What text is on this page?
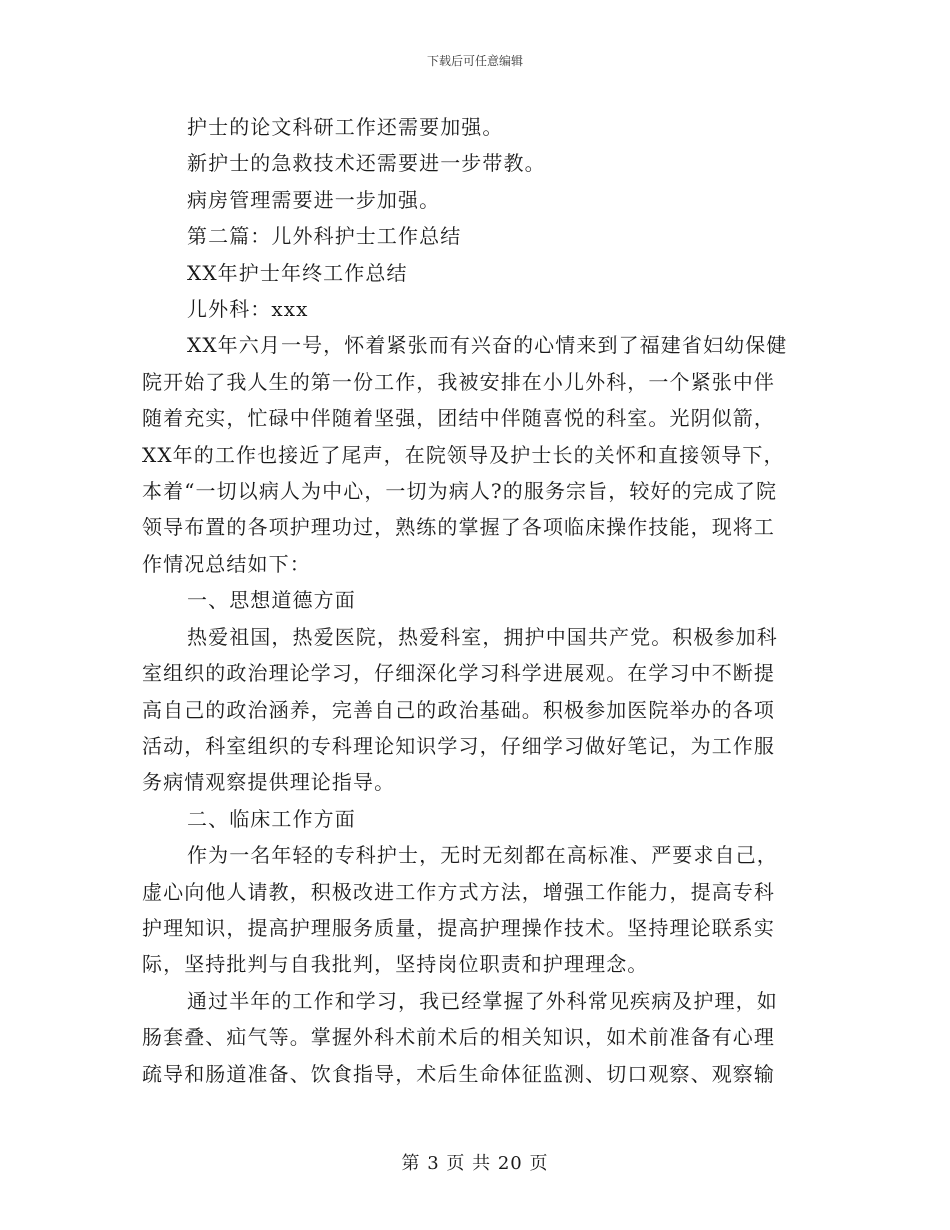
下载后可任意编辑
护士的论文科研工作还需要加强。
新护士的急救技术还需要进一步带教。
病房管理需要进一步加强。
第二篇：儿外科护士工作总结
XX年护士年终工作总结
儿外科：xxx
XX年六月一号，怀着紧张而有兴奋的心情来到了福建省妇幼保健
院开始了我人生的第一份工作，我被安排在小儿外科，一个紧张中伴
随着充实，忙碌中伴随着坚强，团结中伴随喜悦的科室。光阴似箭，
XX年的工作也接近了尾声，在院领导及护士长的关怀和直接领导下，
本着“一切以病人为中心，一切为病人?的服务宗旨，较好的完成了院
领导布置的各项护理功过，熟练的掌握了各项临床操作技能，现将工
作情况总结如下：
一、思想道德方面
热爱祖国，热爱医院，热爱科室，拥护中国共产党。积极参加科
室组织的政治理论学习，仔细深化学习科学进展观。在学习中不断提
高自己的政治涵养，完善自己的政治基础。积极参加医院举办的各项
活动，科室组织的专科理论知识学习，仔细学习做好笔记，为工作服
务病情观察提供理论指导。
二、临床工作方面
作为一名年轻的专科护士，无时无刻都在高标准、严要求自己，
虚心向他人请教，积极改进工作方式方法，增强工作能力，提高专科
护理知识，提高护理服务质量，提高护理操作技术。坚持理论联系实
际，坚持批判与自我批判，坚持岗位职责和护理理念。
通过半年的工作和学习，我已经掌握了外科常见疾病及护理，如
肠套叠、疝气等。掌握外科术前术后的相关知识，如术前准备有心理
疏导和肠道准备、饮食指导，术后生命体征监测、切口观察、观察输
第 3 页 共 20 页
